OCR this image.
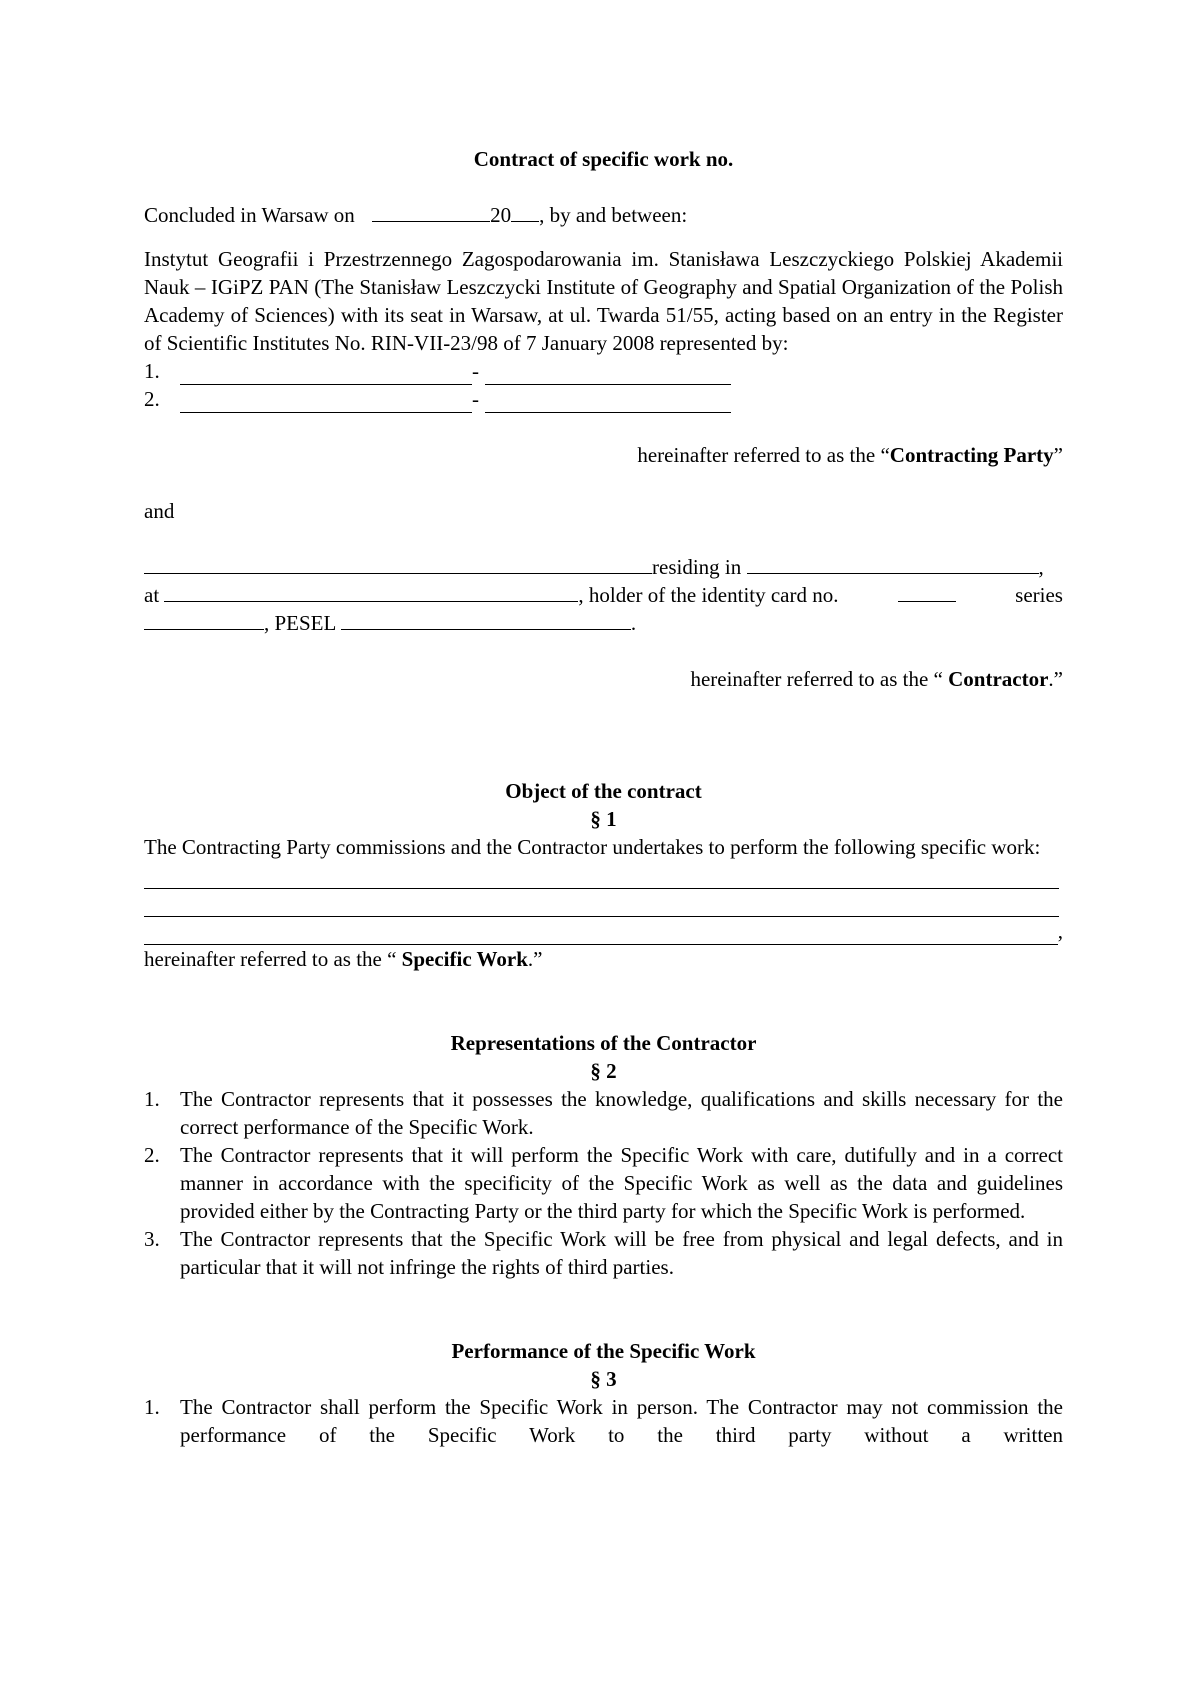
Contract of specific work no.
Concluded in Warsaw on	20 , by and between:
Instytut Geografii i Przestrzennego Zagospodarowania im. Stanisława Leszczyckiego Polskiej Akademii Nauk – IGiPZ PAN (The Stanisław Leszczycki Institute of Geography and Spatial Organization of the Polish Academy of Sciences) with its seat in Warsaw, at ul. Twarda 51/55, acting based on an entry in the Register of Scientific Institutes No. RIN-VII-23/98 of 7 January 2008 represented by:
1.	-
2.	-
hereinafter referred to as the “Contracting Party”
and
residing in	,
at	, holder of the identity card no.	series
, PESEL	.
hereinafter referred to as the “ Contractor.”
Object of the contract
§ 1
The Contracting Party commissions and the Contractor undertakes to perform the following specific work:
,
hereinafter referred to as the “ Specific Work.”
Representations of the Contractor
§ 2
1. The Contractor represents that it possesses the knowledge, qualifications and skills necessary for the correct performance of the Specific Work.
2. The Contractor represents that it will perform the Specific Work with care, dutifully and in a correct manner in accordance with the specificity of the Specific Work as well as the data and guidelines provided either by the Contracting Party or the third party for which the Specific Work is performed.
3. The Contractor represents that the Specific Work will be free from physical and legal defects, and in particular that it will not infringe the rights of third parties.
Performance of the Specific Work
§ 3
1. The Contractor shall perform the Specific Work in person. The Contractor may not commission the performance of the Specific Work to the third party without a written
